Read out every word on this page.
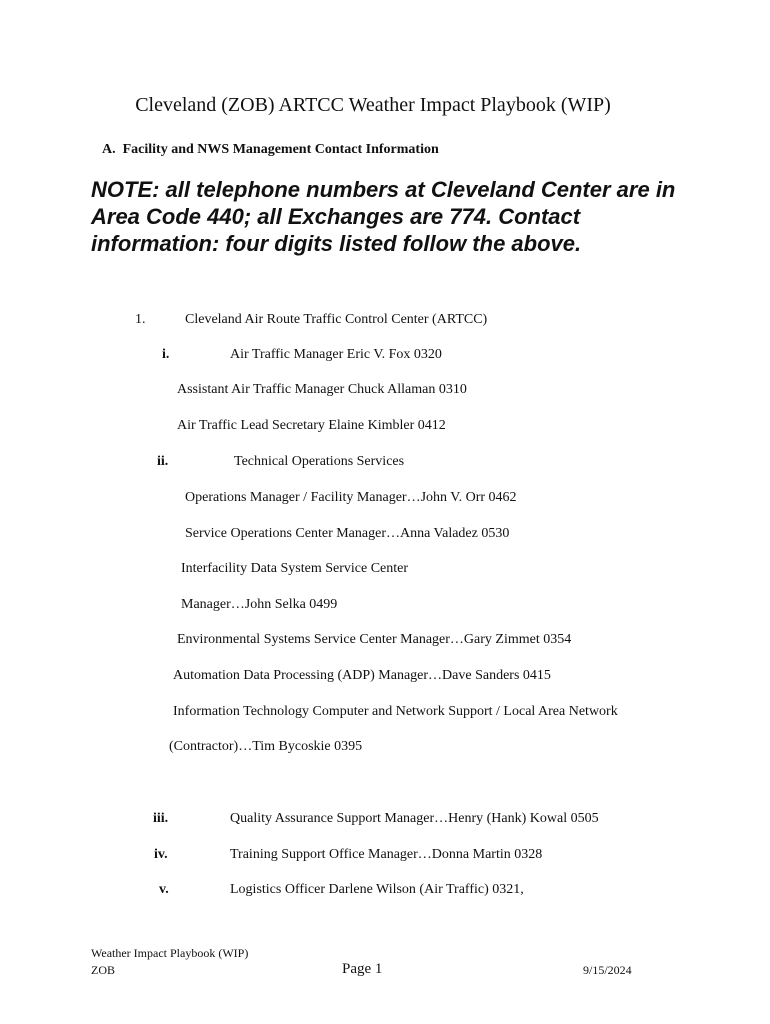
Cleveland (ZOB) ARTCC Weather Impact Playbook (WIP)
A. Facility and NWS Management Contact Information
NOTE: all telephone numbers at Cleveland Center are in Area Code 440; all Exchanges are 774. Contact information: four digits listed follow the above.
1.	Cleveland Air Route Traffic Control Center (ARTCC)
i.	Air Traffic Manager Eric V. Fox 0320
Assistant Air Traffic Manager Chuck Allaman 0310
Air Traffic Lead Secretary Elaine Kimbler 0412
ii.	Technical Operations Services
Operations Manager / Facility Manager…John V. Orr 0462
Service Operations Center Manager…Anna Valadez 0530
Interfacility Data System Service Center
Manager…John Selka 0499
Environmental Systems Service Center Manager…Gary Zimmet 0354
Automation Data Processing (ADP) Manager…Dave Sanders 0415
Information Technology Computer and Network Support / Local Area Network
(Contractor)…Tim Bycoskie 0395
iii.	Quality Assurance Support Manager…Henry (Hank) Kowal 0505
iv.	Training Support Office Manager…Donna Martin 0328
v.	Logistics Officer Darlene Wilson (Air Traffic) 0321,
Weather Impact Playbook (WIP)
ZOB	Page 1	9/15/2024
